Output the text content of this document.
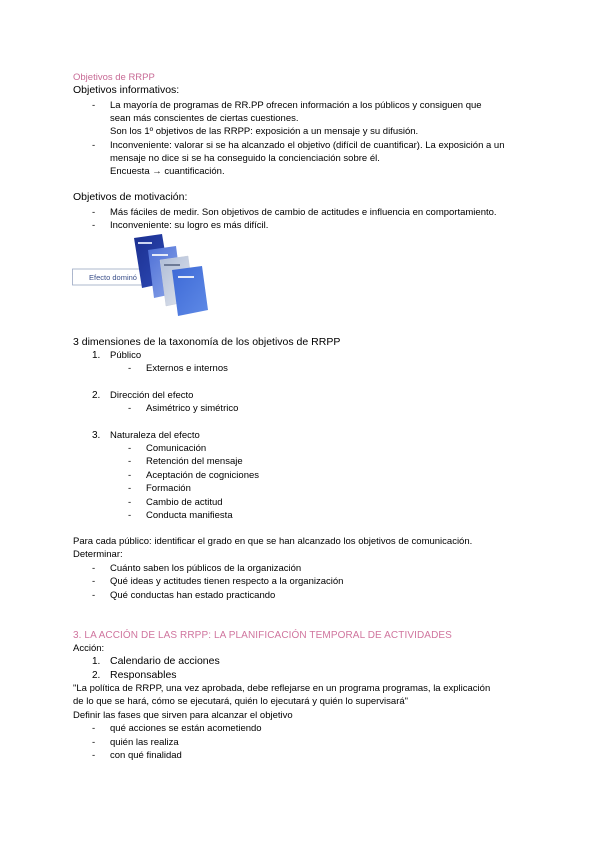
Objetivos de RRPP
Objetivos informativos:
- La mayoría de programas de RR.PP ofrecen información a los públicos y consiguen que
sean más conscientes de ciertas cuestiones.
Son los 1º objetivos de las RRPP: exposición a un mensaje y su difusión.
- Inconveniente: valorar si se ha alcanzado el objetivo (difícil de cuantificar). La exposición a un
mensaje no dice si se ha conseguido la concienciación sobre él.
Encuesta → cuantificación.
Objetivos de motivación:
- Más fáciles de medir. Son objetivos de cambio de actitudes e influencia en comportamiento.
- Inconveniente: su logro es más difícil.
Efecto dominó
3 dimensiones de la taxonomía de los objetivos de RRPP
1. Público
- Externos e internos
2. Dirección del efecto
- Asimétrico y simétrico
3. Naturaleza del efecto
- Comunicación
- Retención del mensaje
- Aceptación de cogniciones
- Formación
- Cambio de actitud
- Conducta manifiesta
Para cada público: identificar el grado en que se han alcanzado los objetivos de comunicación.
Determinar:
- Cuánto saben los públicos de la organización
- Qué ideas y actitudes tienen respecto a la organización
- Qué conductas han estado practicando
3. LA ACCIÓN DE LAS RRPP: LA PLANIFICACIÓN TEMPORAL DE ACTIVIDADES
Acción:
1. Calendario de acciones
2. Responsables
"La política de RRPP, una vez aprobada, debe reflejarse en un programa programas, la explicación
de lo que se hará, cómo se ejecutará, quién lo ejecutará y quién lo supervisará"
Definir las fases que sirven para alcanzar el objetivo
- qué acciones se están acometiendo
- quién las realiza
- con qué finalidad
